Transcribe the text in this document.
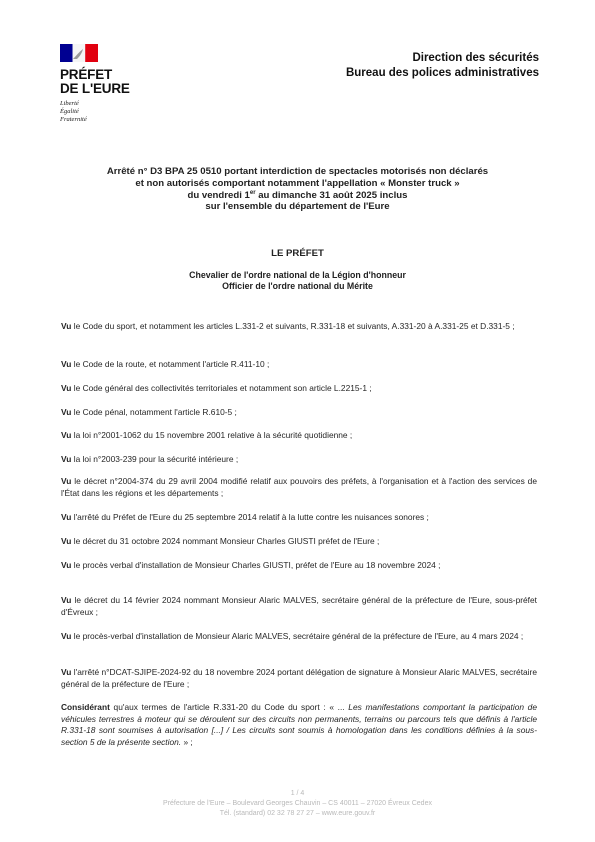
PRÉFET
DE L'EURE
Liberté
Égalité
Fraternité
Direction des sécurités
Bureau des polices administratives
Arrêté n° D3 BPA 25 0510 portant interdiction de spectacles motorisés non déclarés
et non autorisés comportant notamment l'appellation « Monster truck »
du vendredi 1er au dimanche 31 août 2025 inclus
sur l'ensemble du département de l'Eure
LE PRÉFET
Chevalier de l'ordre national de la Légion d'honneur
Officier de l'ordre national du Mérite

Vu le Code du sport, et notamment les articles L.331-2 et suivants, R.331-18 et suivants, A.331-20 à A.331-25 et D.331-5 ;

Vu le Code de la route, et notamment l'article R.411-10 ;

Vu le Code général des collectivités territoriales et notamment son article L.2215-1 ;

Vu le Code pénal, notamment l'article R.610-5 ;

Vu la loi n°2001-1062 du 15 novembre 2001 relative à la sécurité quotidienne ;

Vu la loi n°2003-239 pour la sécurité intérieure ;

Vu le décret n°2004-374 du 29 avril 2004 modifié relatif aux pouvoirs des préfets, à l'organisation et à l'action des services de l'État dans les régions et les départements ;

Vu l'arrêté du Préfet de l'Eure du 25 septembre 2014 relatif à la lutte contre les nuisances sonores ;

Vu le décret du 31 octobre 2024 nommant Monsieur Charles GIUSTI préfet de l'Eure ;

Vu le procès verbal d'installation de Monsieur Charles GIUSTI, préfet de l'Eure au 18 novembre 2024 ;

Vu le décret du 14 février 2024 nommant Monsieur Alaric MALVES, secrétaire général de la préfecture de l'Eure, sous-préfet d'Évreux ;

Vu le procès-verbal d'installation de Monsieur Alaric MALVES, secrétaire général de la préfecture de l'Eure, au 4 mars 2024 ;

Vu l'arrêté n°DCAT-SJIPE-2024-92 du 18 novembre 2024 portant délégation de signature à Monsieur Alaric MALVES, secrétaire général de la préfecture de l'Eure ;

Considérant qu'aux termes de l'article R.331-20 du Code du sport : « ... Les manifestations comportant la participation de véhicules terrestres à moteur qui se déroulent sur des circuits non permanents, terrains ou parcours tels que définis à l'article R.331-18 sont soumises à autorisation [...] / Les circuits sont soumis à homologation dans les conditions définies à la sous-section 5 de la présente section. » ;

1 / 4
Préfecture de l'Eure – Boulevard Georges Chauvin – CS 40011 – 27020 Évreux Cedex
Tél. (standard) 02 32 78 27 27 – www.eure.gouv.fr
